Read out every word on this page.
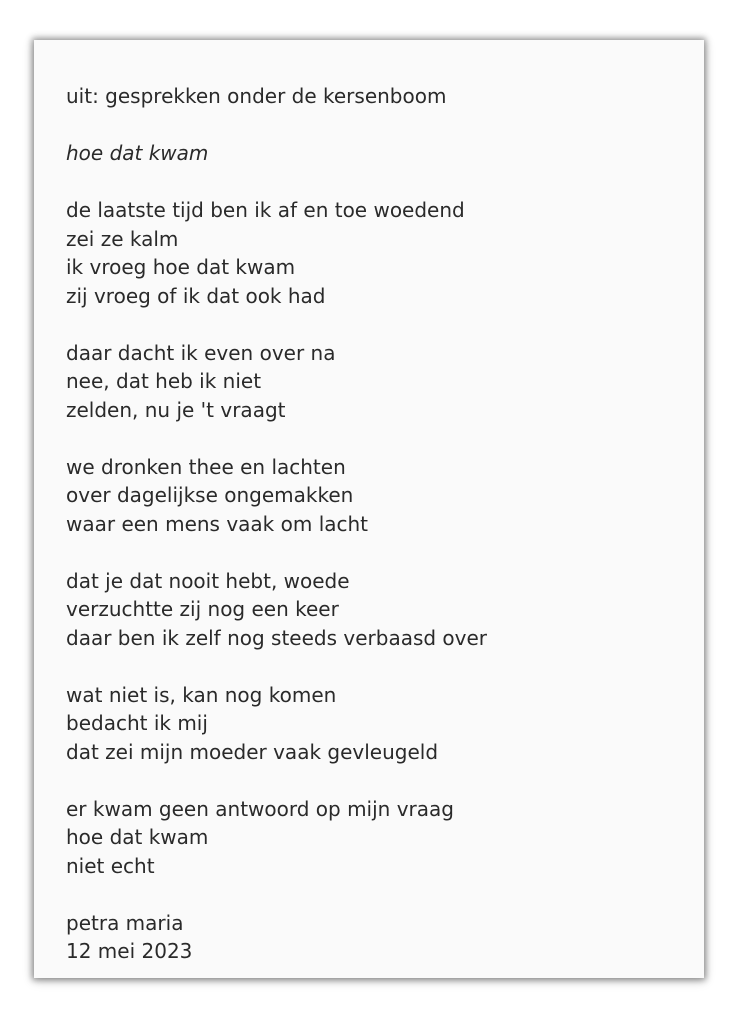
uit: gesprekken onder de kersenboom
hoe dat kwam
de laatste tijd ben ik af en toe woedend
zei ze kalm
ik vroeg hoe dat kwam
zij vroeg of ik dat ook had
daar dacht ik even over na
nee, dat heb ik niet
zelden, nu je 't vraagt
we dronken thee en lachten
over dagelijkse ongemakken
waar een mens vaak om lacht
dat je dat nooit hebt, woede
verzuchtte zij nog een keer
daar ben ik zelf nog steeds verbaasd over
wat niet is, kan nog komen
bedacht ik mij
dat zei mijn moeder vaak gevleugeld
er kwam geen antwoord op mijn vraag
hoe dat kwam
niet echt
petra maria
12 mei 2023
